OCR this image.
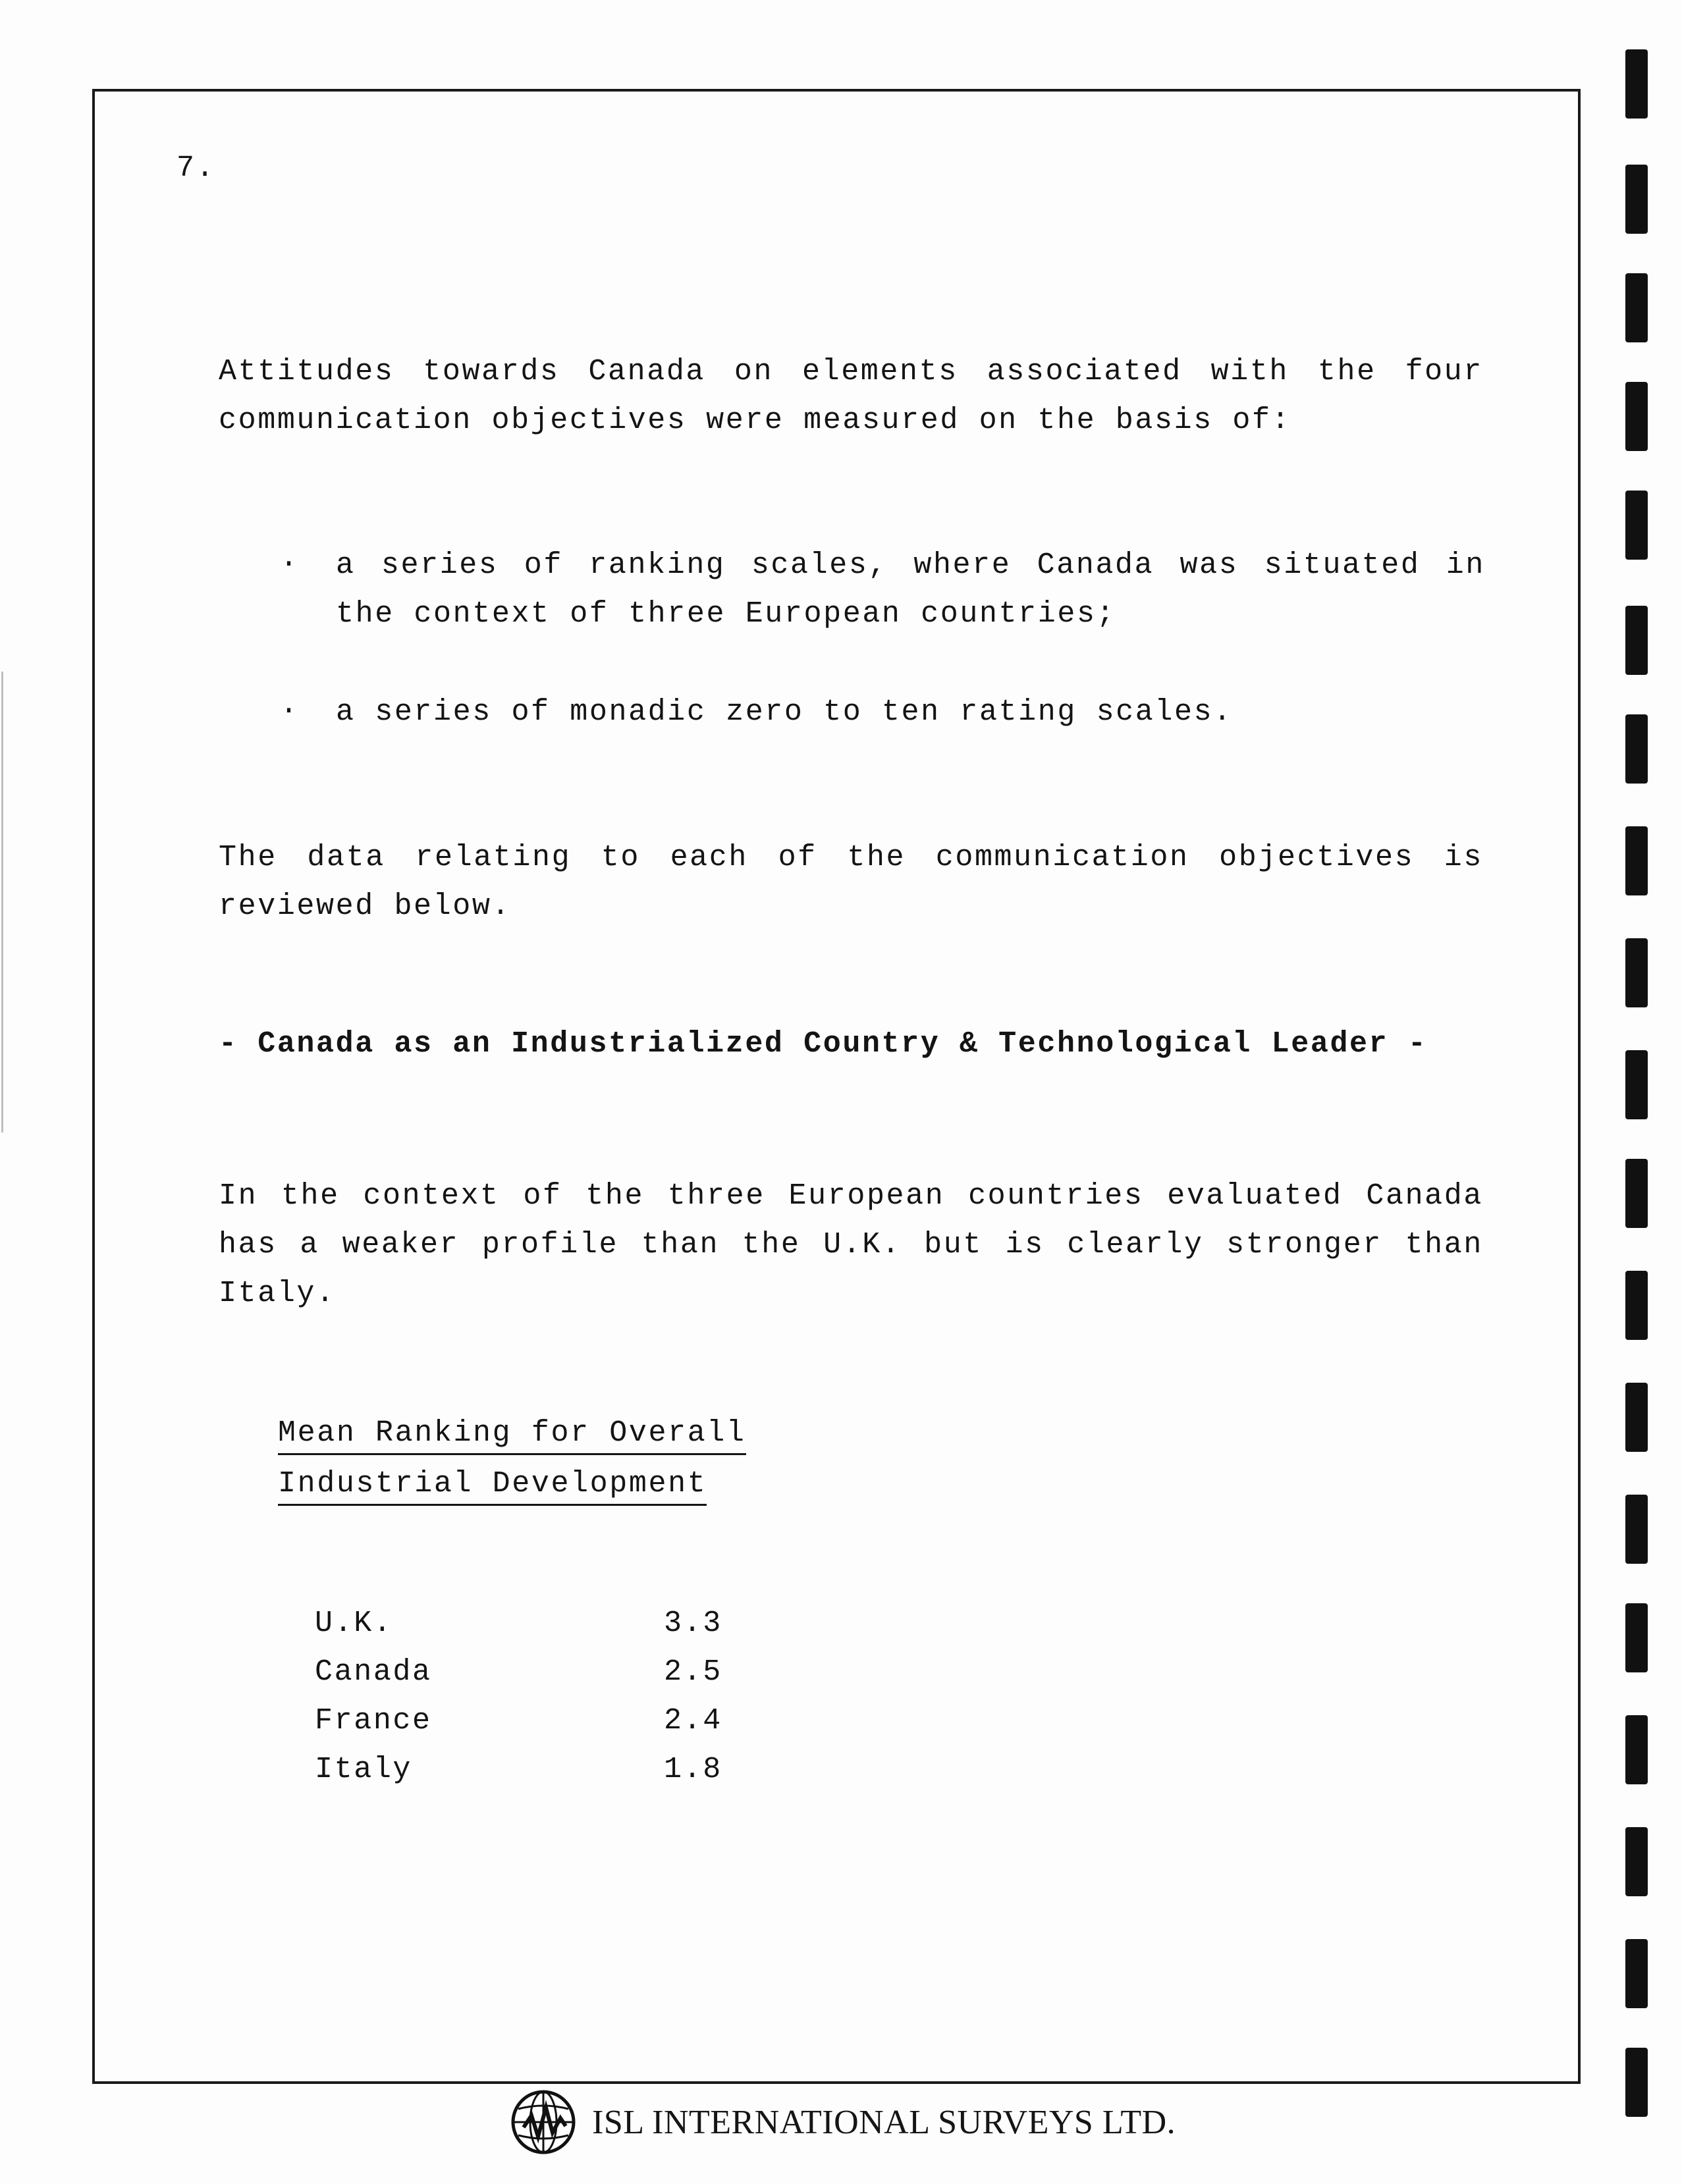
7.

Attitudes towards Canada on elements associated with the four
communication objectives were measured on the basis of:

. a series of ranking scales, where Canada was situated in
the context of three European countries;

. a series of monadic zero to ten rating scales.

The data relating to each of the communication objectives is
reviewed below.

- Canada as an Industrialized Country & Technological Leader -

In the context of the three European countries evaluated Canada
has a weaker profile than the U.K. but is clearly stronger than
Italy.

Mean Ranking for Overall
Industrial Development
U.K.	3.3
Canada	2.5
France	2.4
Italy	1.8
ISL INTERNATIONAL SURVEYS LTD.
